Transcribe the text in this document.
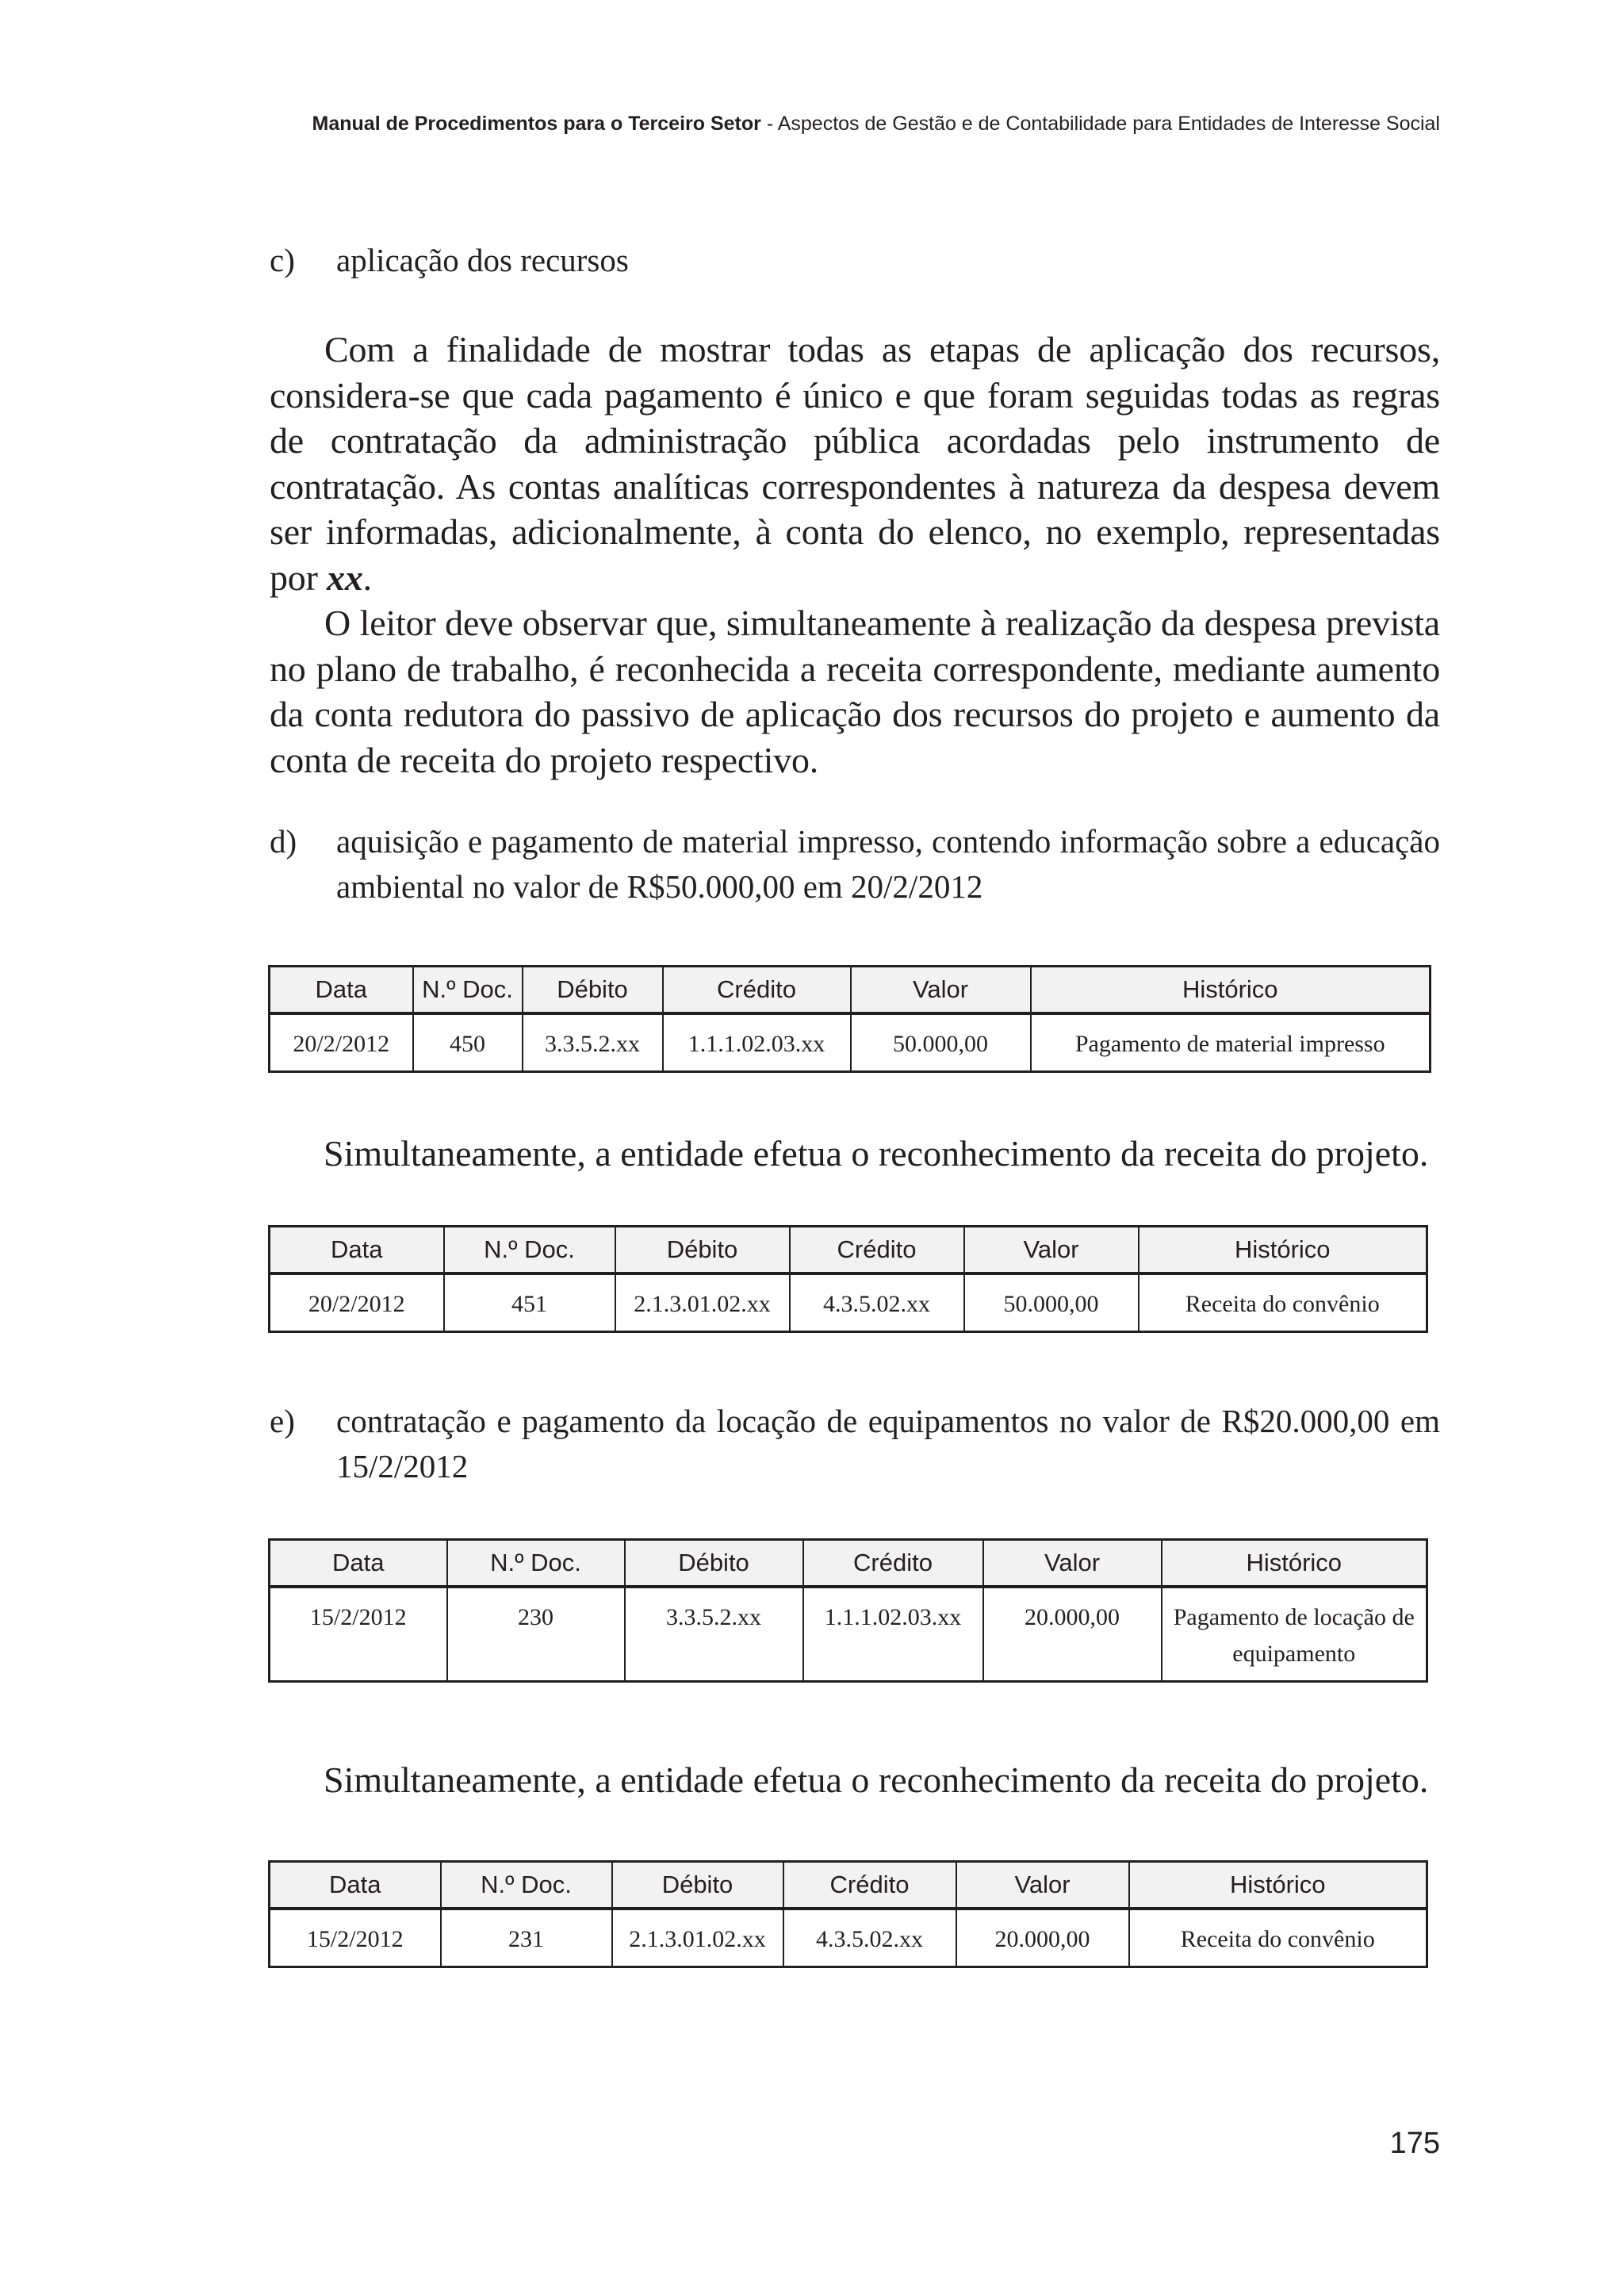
Manual de Procedimentos para o Terceiro Setor - Aspectos de Gestão e de Contabilidade para Entidades de Interesse Social
c)	aplicação dos recursos

Com a finalidade de mostrar todas as etapas de aplicação dos recursos, considera-se que cada pagamento é único e que foram seguidas todas as regras de contratação da administração pública acordadas pelo instrumento de contratação. As contas analíticas correspondentes à natureza da despesa devem ser informadas, adicionalmente, à conta do elenco, no exemplo, representadas por xx.

O leitor deve observar que, simultaneamente à realização da despesa prevista no plano de trabalho, é reconhecida a receita correspondente, mediante aumento da conta redutora do passivo de aplicação dos recursos do projeto e aumento da conta de receita do projeto respectivo.

d)	aquisição e pagamento de material impresso, contendo informação sobre a educação ambiental no valor de R$50.000,00 em 20/2/2012
Data	N.º Doc.	Débito	Crédito	Valor	Histórico
20/2/2012	450	3.3.5.2.xx	1.1.1.02.03.xx	50.000,00	Pagamento de material impresso
Simultaneamente, a entidade efetua o reconhecimento da receita do projeto.
Data	N.º Doc.	Débito	Crédito	Valor	Histórico
20/2/2012	451	2.1.3.01.02.xx	4.3.5.02.xx	50.000,00	Receita do convênio
e)	contratação e pagamento da locação de equipamentos no valor de R$20.000,00 em 15/2/2012
Data	N.º Doc.	Débito	Crédito	Valor	Histórico
15/2/2012	230	3.3.5.2.xx	1.1.1.02.03.xx	20.000,00	Pagamento de locação de equipamento
Simultaneamente, a entidade efetua o reconhecimento da receita do projeto.
Data	N.º Doc.	Débito	Crédito	Valor	Histórico
15/2/2012	231	2.1.3.01.02.xx	4.3.5.02.xx	20.000,00	Receita do convênio
175
